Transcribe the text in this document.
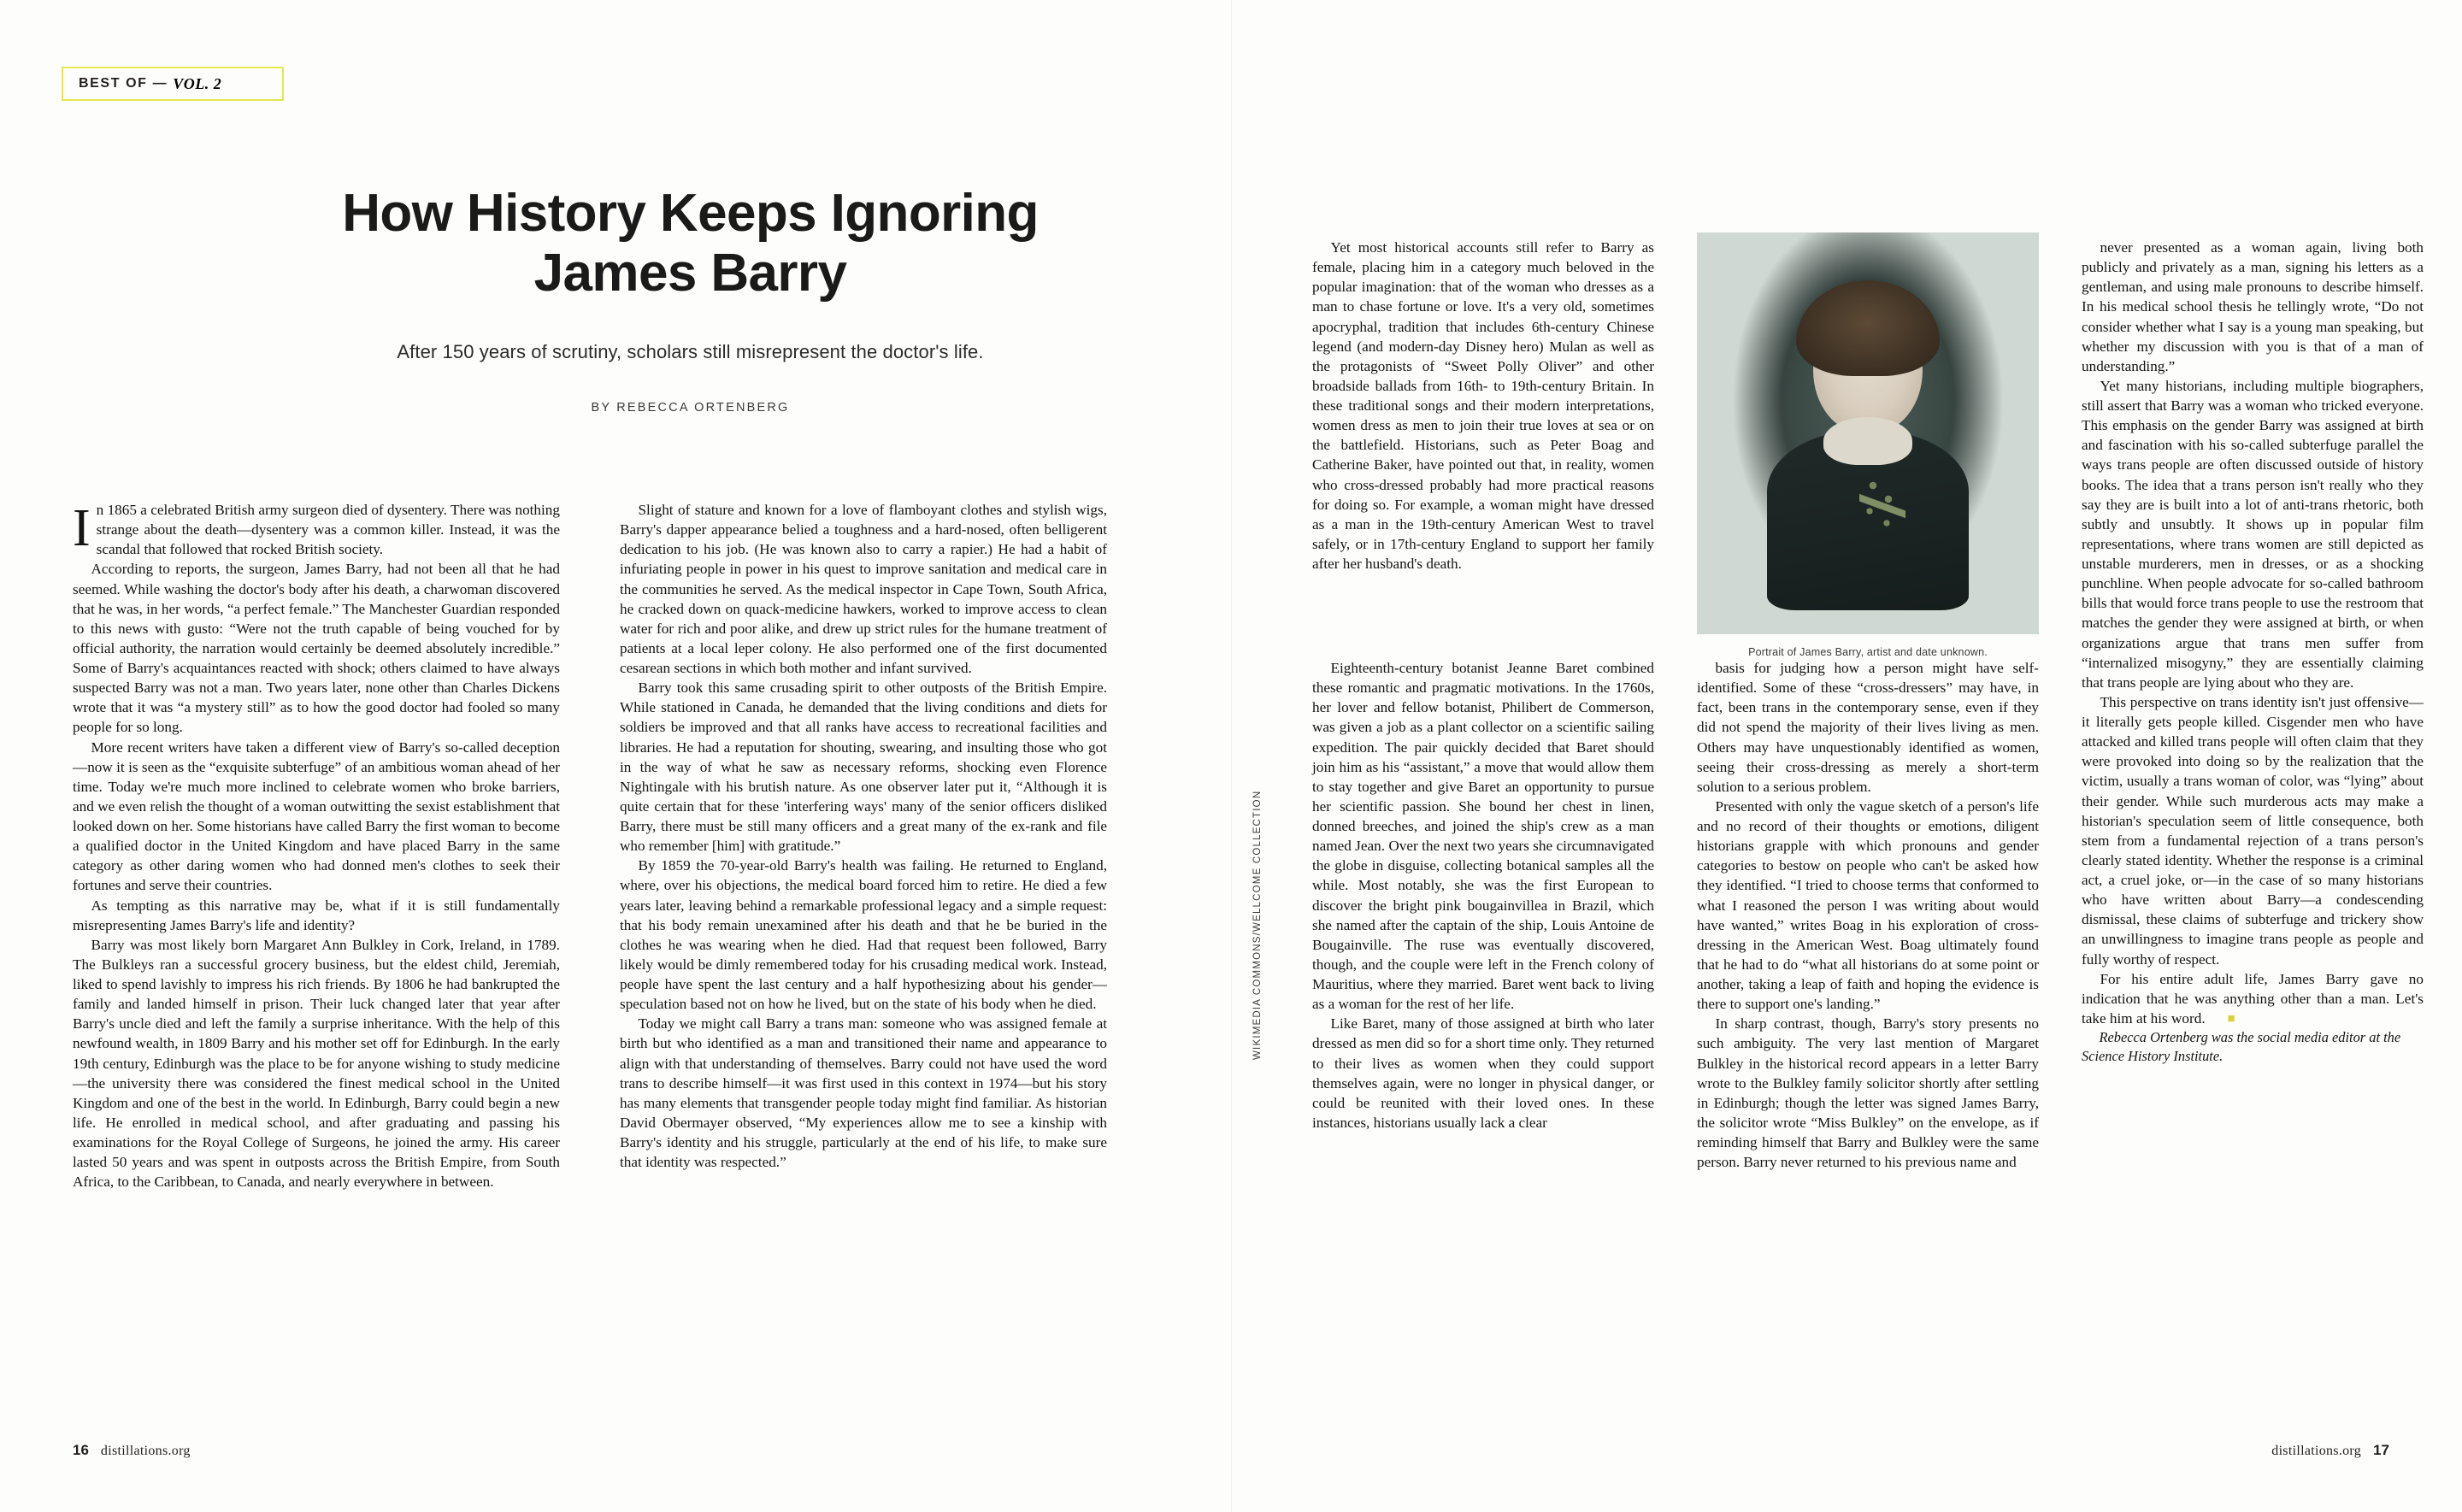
BEST OF — VOL. 2
How History Keeps Ignoring
James Barry
After 150 years of scrutiny, scholars still misrepresent the doctor's life.
BY REBECCA ORTENBERG

In 1865 a celebrated British army surgeon died of dysentery. There was nothing strange about the death—dysentery was a common killer. Instead, it was the scandal that followed that rocked British society.

According to reports, the surgeon, James Barry, had not been all that he had seemed. While washing the doctor's body after his death, a charwoman discovered that he was, in her words, “a perfect female.” The Manchester Guardian responded to this news with gusto: “Were not the truth capable of being vouched for by official authority, the narration would certainly be deemed absolutely incredible.” Some of Barry's acquaintances reacted with shock; others claimed to have always suspected Barry was not a man. Two years later, none other than Charles Dickens wrote that it was “a mystery still” as to how the good doctor had fooled so many people for so long.

More recent writers have taken a different view of Barry's so-called deception—now it is seen as the “exquisite subterfuge” of an ambitious woman ahead of her time. Today we're much more inclined to celebrate women who broke barriers, and we even relish the thought of a woman outwitting the sexist establishment that looked down on her. Some historians have called Barry the first woman to become a qualified doctor in the United Kingdom and have placed Barry in the same category as other daring women who had donned men's clothes to seek their fortunes and serve their countries.

As tempting as this narrative may be, what if it is still fundamentally misrepresenting James Barry's life and identity?

Barry was most likely born Margaret Ann Bulkley in Cork, Ireland, in 1789. The Bulkleys ran a successful grocery business, but the eldest child, Jeremiah, liked to spend lavishly to impress his rich friends. By 1806 he had bankrupted the family and landed himself in prison. Their luck changed later that year after Barry's uncle died and left the family a surprise inheritance. With the help of this newfound wealth, in 1809 Barry and his mother set off for Edinburgh. In the early 19th century, Edinburgh was the place to be for anyone wishing to study medicine—the university there was considered the finest medical school in the United Kingdom and one of the best in the world. In Edinburgh, Barry could begin a new life. He enrolled in medical school, and after graduating and passing his examinations for the Royal College of Surgeons, he joined the army. His career lasted 50 years and was spent in outposts across the British Empire, from South Africa, to the Caribbean, to Canada, and nearly everywhere in between.

Slight of stature and known for a love of flamboyant clothes and stylish wigs, Barry's dapper appearance belied a toughness and a hard-nosed, often belligerent dedication to his job. (He was known also to carry a rapier.) He had a habit of infuriating people in power in his quest to improve sanitation and medical care in the communities he served. As the medical inspector in Cape Town, South Africa, he cracked down on quack-medicine hawkers, worked to improve access to clean water for rich and poor alike, and drew up strict rules for the humane treatment of patients at a local leper colony. He also performed one of the first documented cesarean sections in which both mother and infant survived.

Barry took this same crusading spirit to other outposts of the British Empire. While stationed in Canada, he demanded that the living conditions and diets for soldiers be improved and that all ranks have access to recreational facilities and libraries. He had a reputation for shouting, swearing, and insulting those who got in the way of what he saw as necessary reforms, shocking even Florence Nightingale with his brutish nature. As one observer later put it, “Although it is quite certain that for these 'interfering ways' many of the senior officers disliked Barry, there must be still many officers and a great many of the ex-rank and file who remember [him] with gratitude.”

By 1859 the 70-year-old Barry's health was failing. He returned to England, where, over his objections, the medical board forced him to retire. He died a few years later, leaving behind a remarkable professional legacy and a simple request: that his body remain unexamined after his death and that he be buried in the clothes he was wearing when he died. Had that request been followed, Barry likely would be dimly remembered today for his crusading medical work. Instead, people have spent the last century and a half hypothesizing about his gender—speculation based not on how he lived, but on the state of his body when he died.

Today we might call Barry a trans man: someone who was assigned female at birth but who identified as a man and transitioned their name and appearance to align with that understanding of themselves. Barry could not have used the word trans to describe himself—it was first used in this context in 1974—but his story has many elements that transgender people today might find familiar. As historian David Obermayer observed, “My experiences allow me to see a kinship with Barry's identity and his struggle, particularly at the end of his life, to make sure that identity was respected.”

Yet most historical accounts still refer to Barry as female, placing him in a category much beloved in the popular imagination: that of the woman who dresses as a man to chase fortune or love. It's a very old, sometimes apocryphal, tradition that includes 6th-century Chinese legend (and modern-day Disney hero) Mulan as well as the protagonists of “Sweet Polly Oliver” and other broadside ballads from 16th- to 19th-century Britain. In these traditional songs and their modern interpretations, women dress as men to join their true loves at sea or on the battlefield. Historians, such as Peter Boag and Catherine Baker, have pointed out that, in reality, women who cross-dressed probably had more practical reasons for doing so. For example, a woman might have dressed as a man in the 19th-century American West to travel safely, or in 17th-century England to support her family after her husband's death.

Eighteenth-century botanist Jeanne Baret combined these romantic and pragmatic motivations. In the 1760s, her lover and fellow botanist, Philibert de Commerson, was given a job as a plant collector on a scientific sailing expedition. The pair quickly decided that Baret should join him as his “assistant,” a move that would allow them to stay together and give Baret an opportunity to pursue her scientific passion. She bound her chest in linen, donned breeches, and joined the ship's crew as a man named Jean. Over the next two years she circumnavigated the globe in disguise, collecting botanical samples all the while. Most notably, she was the first European to discover the bright pink bougainvillea in Brazil, which she named after the captain of the ship, Louis Antoine de Bougainville. The ruse was eventually discovered, though, and the couple were left in the French colony of Mauritius, where they married. Baret went back to living as a woman for the rest of her life.

Like Baret, many of those assigned at birth who later dressed as men did so for a short time only. They returned to their lives as women when they could support themselves again, were no longer in physical danger, or could be reunited with their loved ones. In these instances, historians usually lack a clear

Portrait of James Barry, artist and date unknown.
WIKIMEDIA COMMONS/WELLCOME COLLECTION

basis for judging how a person might have self-identified. Some of these “cross-dressers” may have, in fact, been trans in the contemporary sense, even if they did not spend the majority of their lives living as men. Others may have unquestionably identified as women, seeing their cross-dressing as merely a short-term solution to a serious problem.

Presented with only the vague sketch of a person's life and no record of their thoughts or emotions, diligent historians grapple with which pronouns and gender categories to bestow on people who can't be asked how they identified. “I tried to choose terms that conformed to what I reasoned the person I was writing about would have wanted,” writes Boag in his exploration of cross-dressing in the American West. Boag ultimately found that he had to do “what all historians do at some point or another, taking a leap of faith and hoping the evidence is there to support one's landing.”

In sharp contrast, though, Barry's story presents no such ambiguity. The very last mention of Margaret Bulkley in the historical record appears in a letter Barry wrote to the Bulkley family solicitor shortly after settling in Edinburgh; though the letter was signed James Barry, the solicitor wrote “Miss Bulkley” on the envelope, as if reminding himself that Barry and Bulkley were the same person. Barry never returned to his previous name and

never presented as a woman again, living both publicly and privately as a man, signing his letters as a gentleman, and using male pronouns to describe himself. In his medical school thesis he tellingly wrote, “Do not consider whether what I say is a young man speaking, but whether my discussion with you is that of a man of understanding.”

Yet many historians, including multiple biographers, still assert that Barry was a woman who tricked everyone. This emphasis on the gender Barry was assigned at birth and fascination with his so-called subterfuge parallel the ways trans people are often discussed outside of history books. The idea that a trans person isn't really who they say they are is built into a lot of anti-trans rhetoric, both subtly and unsubtly. It shows up in popular film representations, where trans women are still depicted as unstable murderers, men in dresses, or as a shocking punchline. When people advocate for so-called bathroom bills that would force trans people to use the restroom that matches the gender they were assigned at birth, or when organizations argue that trans men suffer from “internalized misogyny,” they are essentially claiming that trans people are lying about who they are.

This perspective on trans identity isn't just offensive—it literally gets people killed. Cisgender men who have attacked and killed trans people will often claim that they were provoked into doing so by the realization that the victim, usually a trans woman of color, was “lying” about their gender. While such murderous acts may make a historian's speculation seem of little consequence, both stem from a fundamental rejection of a trans person's clearly stated identity. Whether the response is a criminal act, a cruel joke, or—in the case of so many historians who have written about Barry—a condescending dismissal, these claims of subterfuge and trickery show an unwillingness to imagine trans people as people and fully worthy of respect.

For his entire adult life, James Barry gave no indication that he was anything other than a man. Let's take him at his word. ■

Rebecca Ortenberg was the social media editor at the Science History Institute.

16 distillations.org	distillations.org 17
